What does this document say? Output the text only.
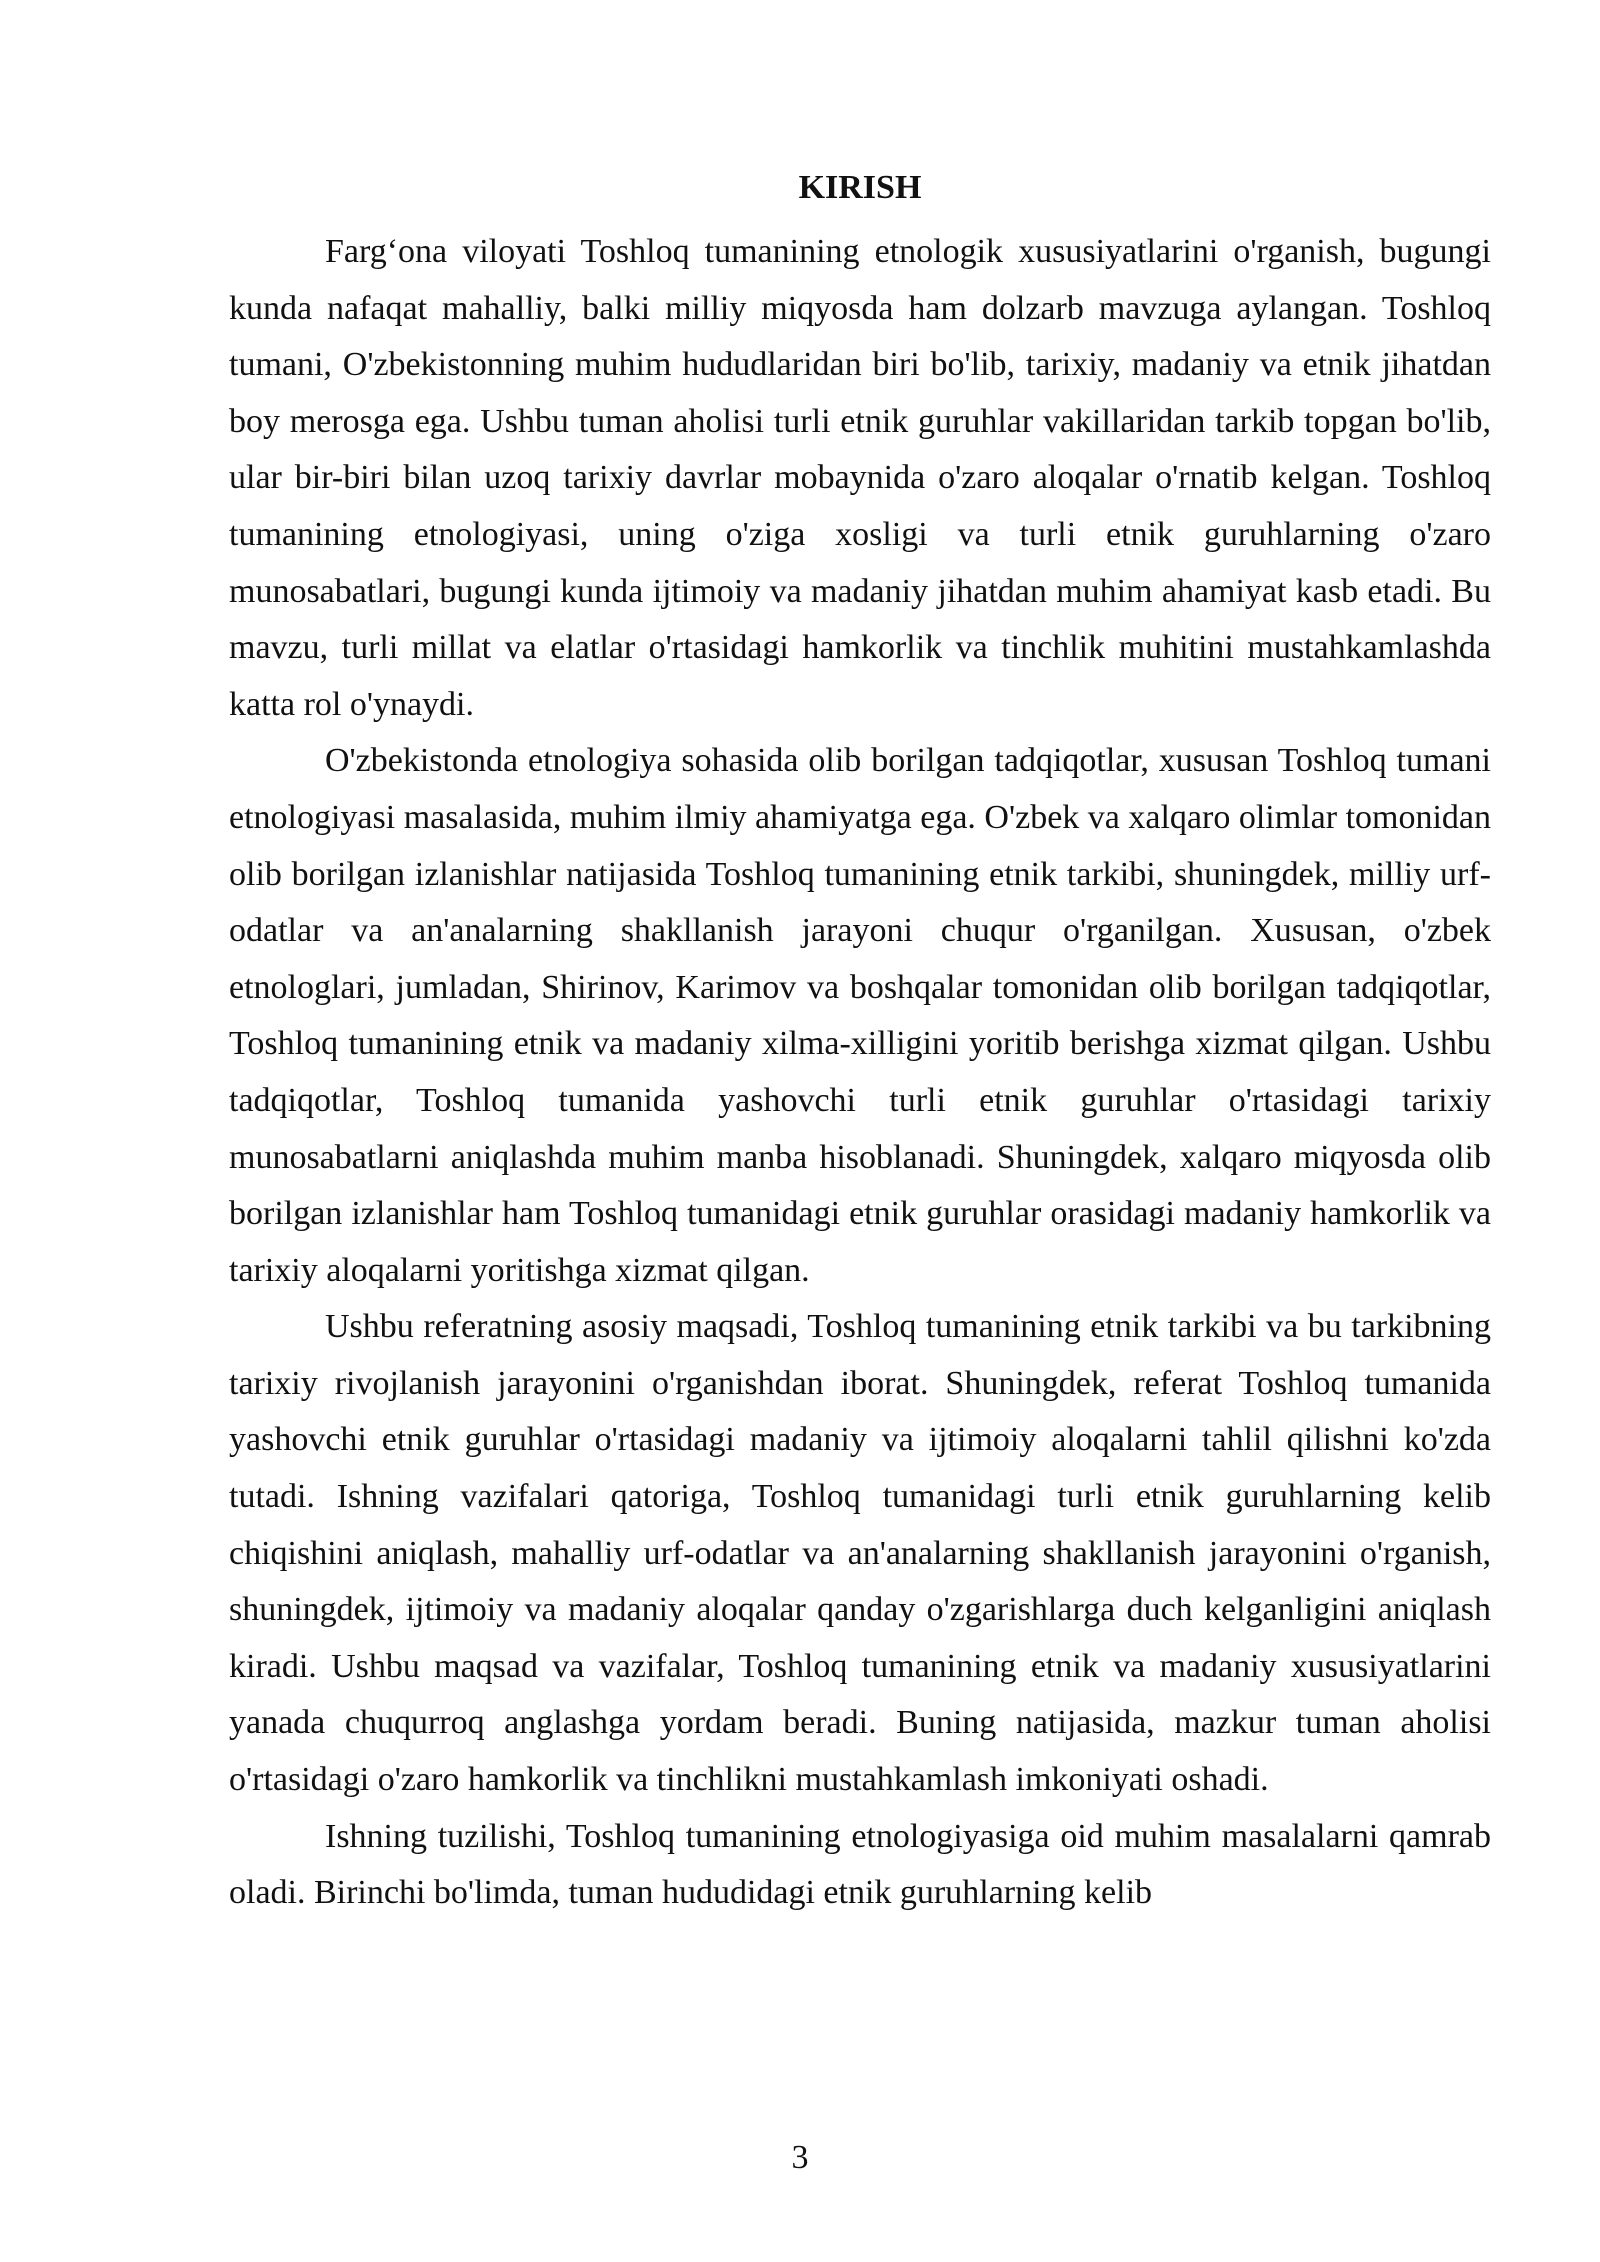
KIRISH

Farg‘ona viloyati Toshloq tumanining etnologik xususiyatlarini o'rganish, bugungi kunda nafaqat mahalliy, balki milliy miqyosda ham dolzarb mavzuga aylangan. Toshloq tumani, O'zbekistonning muhim hududlaridan biri bo'lib, tarixiy, madaniy va etnik jihatdan boy merosga ega. Ushbu tuman aholisi turli etnik guruhlar vakillaridan tarkib topgan bo'lib, ular bir-biri bilan uzoq tarixiy davrlar mobaynida o'zaro aloqalar o'rnatib kelgan. Toshloq tumanining etnologiyasi, uning o'ziga xosligi va turli etnik guruhlarning o'zaro munosabatlari, bugungi kunda ijtimoiy va madaniy jihatdan muhim ahamiyat kasb etadi. Bu mavzu, turli millat va elatlar o'rtasidagi hamkorlik va tinchlik muhitini mustahkamlashda katta rol o'ynaydi.

O'zbekistonda etnologiya sohasida olib borilgan tadqiqotlar, xususan Toshloq tumani etnologiyasi masalasida, muhim ilmiy ahamiyatga ega. O'zbek va xalqaro olimlar tomonidan olib borilgan izlanishlar natijasida Toshloq tumanining etnik tarkibi, shuningdek, milliy urf-odatlar va an'analarning shakllanish jarayoni chuqur o'rganilgan. Xususan, o'zbek etnologlari, jumladan, Shirinov, Karimov va boshqalar tomonidan olib borilgan tadqiqotlar, Toshloq tumanining etnik va madaniy xilma-xilligini yoritib berishga xizmat qilgan. Ushbu tadqiqotlar, Toshloq tumanida yashovchi turli etnik guruhlar o'rtasidagi tarixiy munosabatlarni aniqlashda muhim manba hisoblanadi. Shuningdek, xalqaro miqyosda olib borilgan izlanishlar ham Toshloq tumanidagi etnik guruhlar orasidagi madaniy hamkorlik va tarixiy aloqalarni yoritishga xizmat qilgan.

Ushbu referatning asosiy maqsadi, Toshloq tumanining etnik tarkibi va bu tarkibning tarixiy rivojlanish jarayonini o'rganishdan iborat. Shuningdek, referat Toshloq tumanida yashovchi etnik guruhlar o'rtasidagi madaniy va ijtimoiy aloqalarni tahlil qilishni ko'zda tutadi. Ishning vazifalari qatoriga, Toshloq tumanidagi turli etnik guruhlarning kelib chiqishini aniqlash, mahalliy urf-odatlar va an'analarning shakllanish jarayonini o'rganish, shuningdek, ijtimoiy va madaniy aloqalar qanday o'zgarishlarga duch kelganligini aniqlash kiradi. Ushbu maqsad va vazifalar, Toshloq tumanining etnik va madaniy xususiyatlarini yanada chuqurroq anglashga yordam beradi. Buning natijasida, mazkur tuman aholisi o'rtasidagi o'zaro hamkorlik va tinchlikni mustahkamlash imkoniyati oshadi.

Ishning tuzilishi, Toshloq tumanining etnologiyasiga oid muhim masalalarni qamrab oladi. Birinchi bo'limda, tuman hududidagi etnik guruhlarning kelib

3
